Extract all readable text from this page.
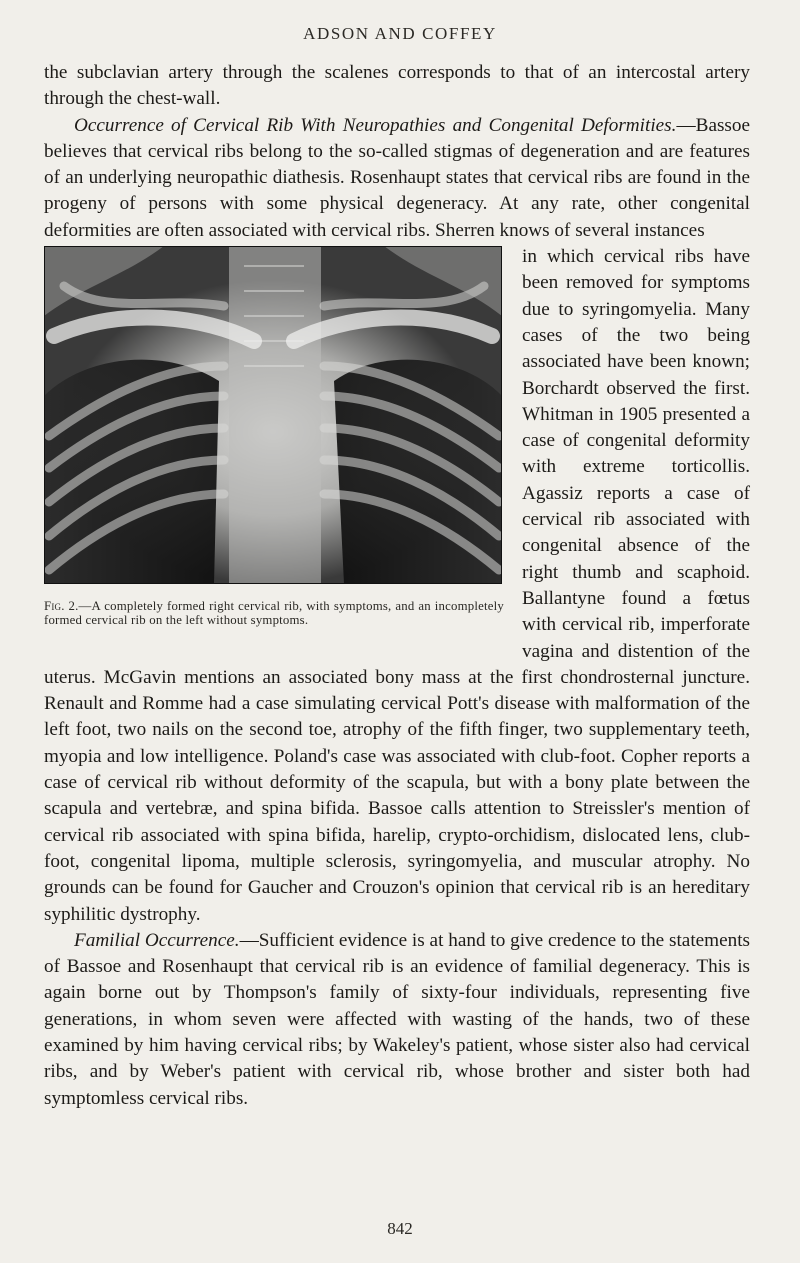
ADSON AND COFFEY

the subclavian artery through the scalenes corresponds to that of an intercostal artery through the chest-wall.

Occurrence of Cervical Rib With Neuropathies and Congenital Deformities.—Bassoe believes that cervical ribs belong to the so-called stigmas of degeneration and are features of an underlying neuropathic diathesis. Rosenhaupt states that cervical ribs are found in the progeny of persons with some physical degeneracy. At any rate, other congenital deformities are often associated with cervical ribs. Sherren knows of several instances

Fig. 2.—A completely formed right cervical rib, with symptoms, and an incompletely formed cervical rib on the left without symptoms.

in which cervical ribs have been removed for symptoms due to syringomyelia. Many cases of the two being associated have been known; Borchardt observed the first. Whitman in 1905 presented a case of congenital deformity with extreme torticollis. Agassiz reports a case of cervical rib associated with congenital absence of the right thumb and scaphoid. Ballantyne found a fœtus with cervical rib, imperforate vagina and distention of the uterus. McGavin mentions an associated bony mass at the first chondrosternal juncture. Renault and Romme had a case simulating cervical Pott's disease with malformation of the left foot, two nails on the second toe, atrophy of the fifth finger, two supplementary teeth, myopia and low intelligence. Poland's case was associated with club-foot. Copher reports a case of cervical rib without deformity of the scapula, but with a bony plate between the scapula and vertebræ, and spina bifida. Bassoe calls attention to Streissler's mention of cervical rib associated with spina bifida, harelip, crypto-orchidism, dislocated lens, club-foot, congenital lipoma, multiple sclerosis, syringomyelia, and muscular atrophy. No grounds can be found for Gaucher and Crouzon's opinion that cervical rib is an hereditary syphilitic dystrophy.

Familial Occurrence.—Sufficient evidence is at hand to give credence to the statements of Bassoe and Rosenhaupt that cervical rib is an evidence of familial degeneracy. This is again borne out by Thompson's family of sixty-four individuals, representing five generations, in whom seven were affected with wasting of the hands, two of these examined by him having cervical ribs; by Wakeley's patient, whose sister also had cervical ribs, and by Weber's patient with cervical rib, whose brother and sister both had symptomless cervical ribs.

842
